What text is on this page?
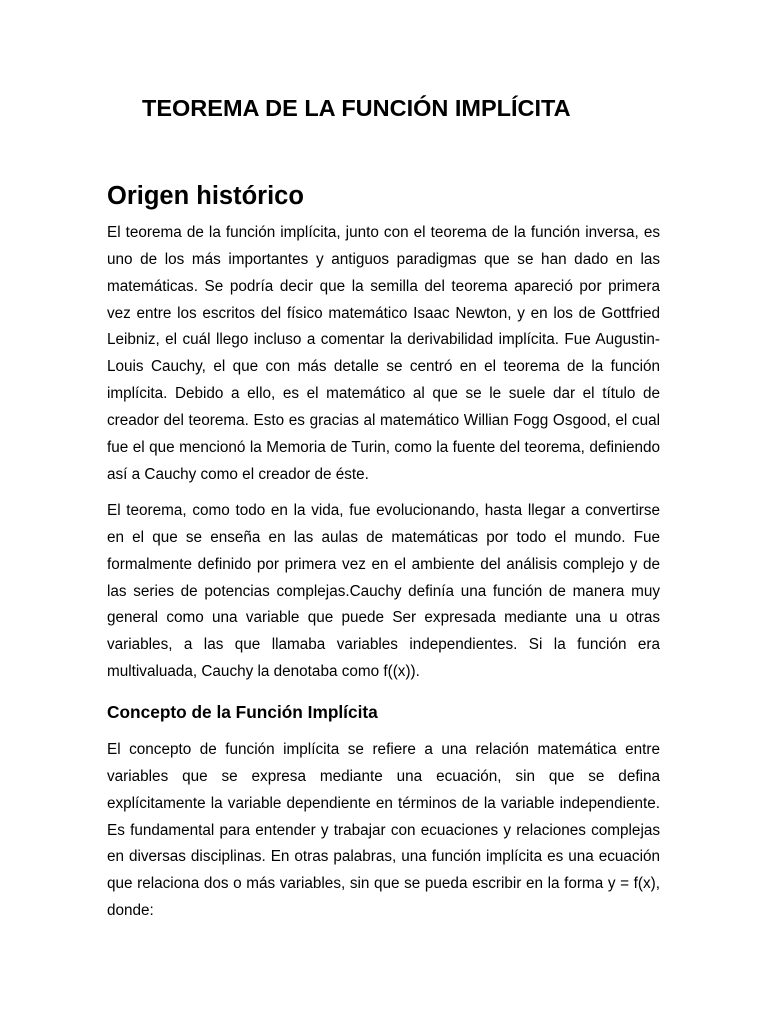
TEOREMA DE LA FUNCIÓN IMPLÍCITA
Origen histórico

El teorema de la función implícita, junto con el teorema de la función inversa, es uno de los más importantes y antiguos paradigmas que se han dado en las matemáticas. Se podría decir que la semilla del teorema apareció por primera vez entre los escritos del físico matemático Isaac Newton, y en los de Gottfried Leibniz, el cuál llego incluso a comentar la derivabilidad implícita. Fue Augustin-Louis Cauchy, el que con más detalle se centró en el teorema de la función implícita. Debido a ello, es el matemático al que se le suele dar el título de creador del teorema. Esto es gracias al matemático Willian Fogg Osgood, el cual fue el que mencionó la Memoria de Turin, como la fuente del teorema, definiendo así a Cauchy como el creador de éste.

El teorema, como todo en la vida, fue evolucionando, hasta llegar a convertirse en el que se enseña en las aulas de matemáticas por todo el mundo. Fue formalmente definido por primera vez en el ambiente del análisis complejo y de las series de potencias complejas.Cauchy definía una función de manera muy general como una variable que puede Ser expresada mediante una u otras variables, a las que llamaba variables independientes. Si la función era multivaluada, Cauchy la denotaba como f((x)).

Concepto de la Función Implícita

El concepto de función implícita se refiere a una relación matemática entre variables que se expresa mediante una ecuación, sin que se defina explícitamente la variable dependiente en términos de la variable independiente. Es fundamental para entender y trabajar con ecuaciones y relaciones complejas en diversas disciplinas. En otras palabras, una función implícita es una ecuación que relaciona dos o más variables, sin que se pueda escribir en la forma y = f(x), donde:
